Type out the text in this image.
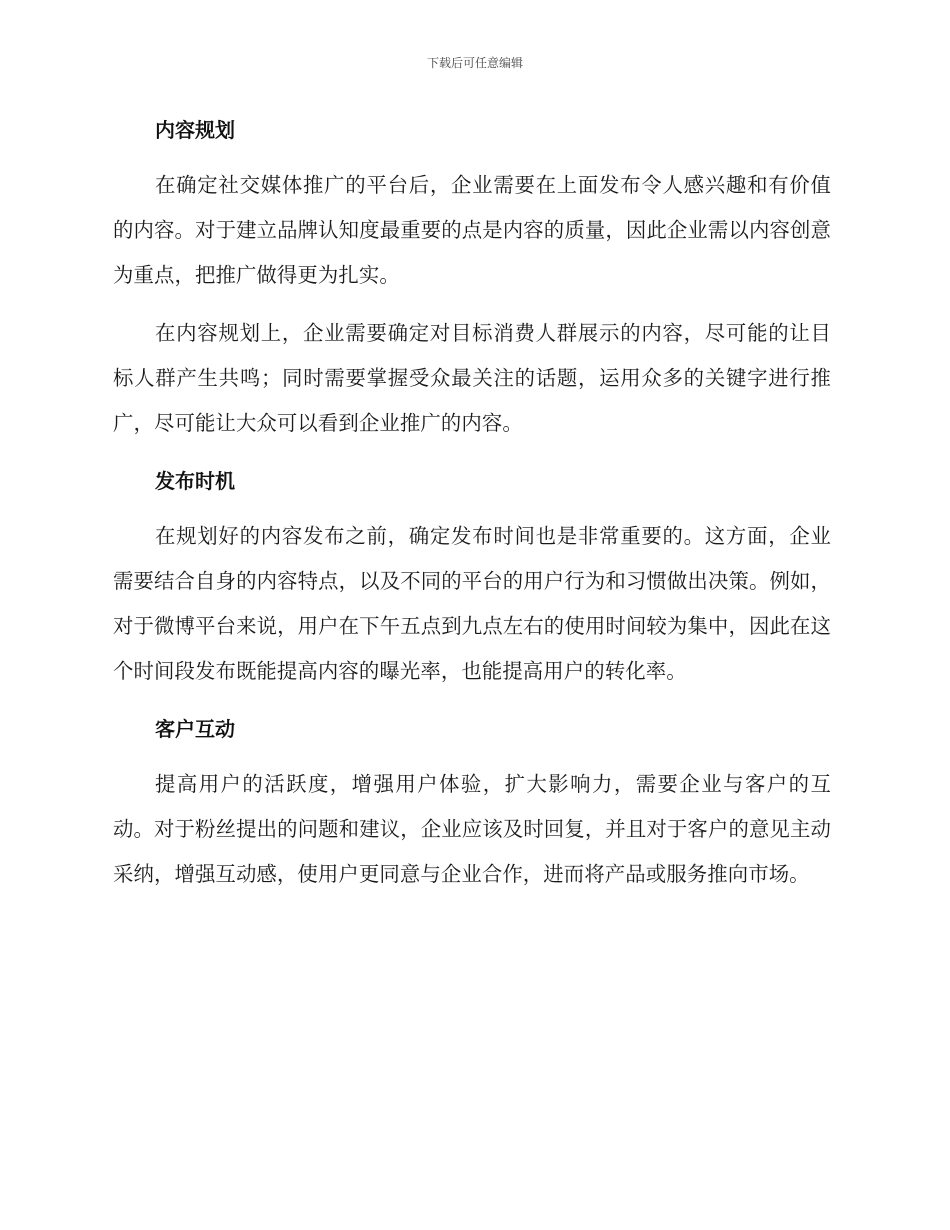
下载后可任意编辑
内容规划

在确定社交媒体推广的平台后，企业需要在上面发布令人感兴趣和有价值的内容。对于建立品牌认知度最重要的点是内容的质量，因此企业需以内容创意为重点，把推广做得更为扎实。

在内容规划上，企业需要确定对目标消费人群展示的内容，尽可能的让目标人群产生共鸣；同时需要掌握受众最关注的话题，运用众多的关键字进行推广，尽可能让大众可以看到企业推广的内容。

发布时机

在规划好的内容发布之前，确定发布时间也是非常重要的。这方面，企业需要结合自身的内容特点，以及不同的平台的用户行为和习惯做出决策。例如，对于微博平台来说，用户在下午五点到九点左右的使用时间较为集中，因此在这个时间段发布既能提高内容的曝光率，也能提高用户的转化率。

客户互动

提高用户的活跃度，增强用户体验，扩大影响力，需要企业与客户的互动。对于粉丝提出的问题和建议，企业应该及时回复，并且对于客户的意见主动采纳，增强互动感，使用户更同意与企业合作，进而将产品或服务推向市场。
